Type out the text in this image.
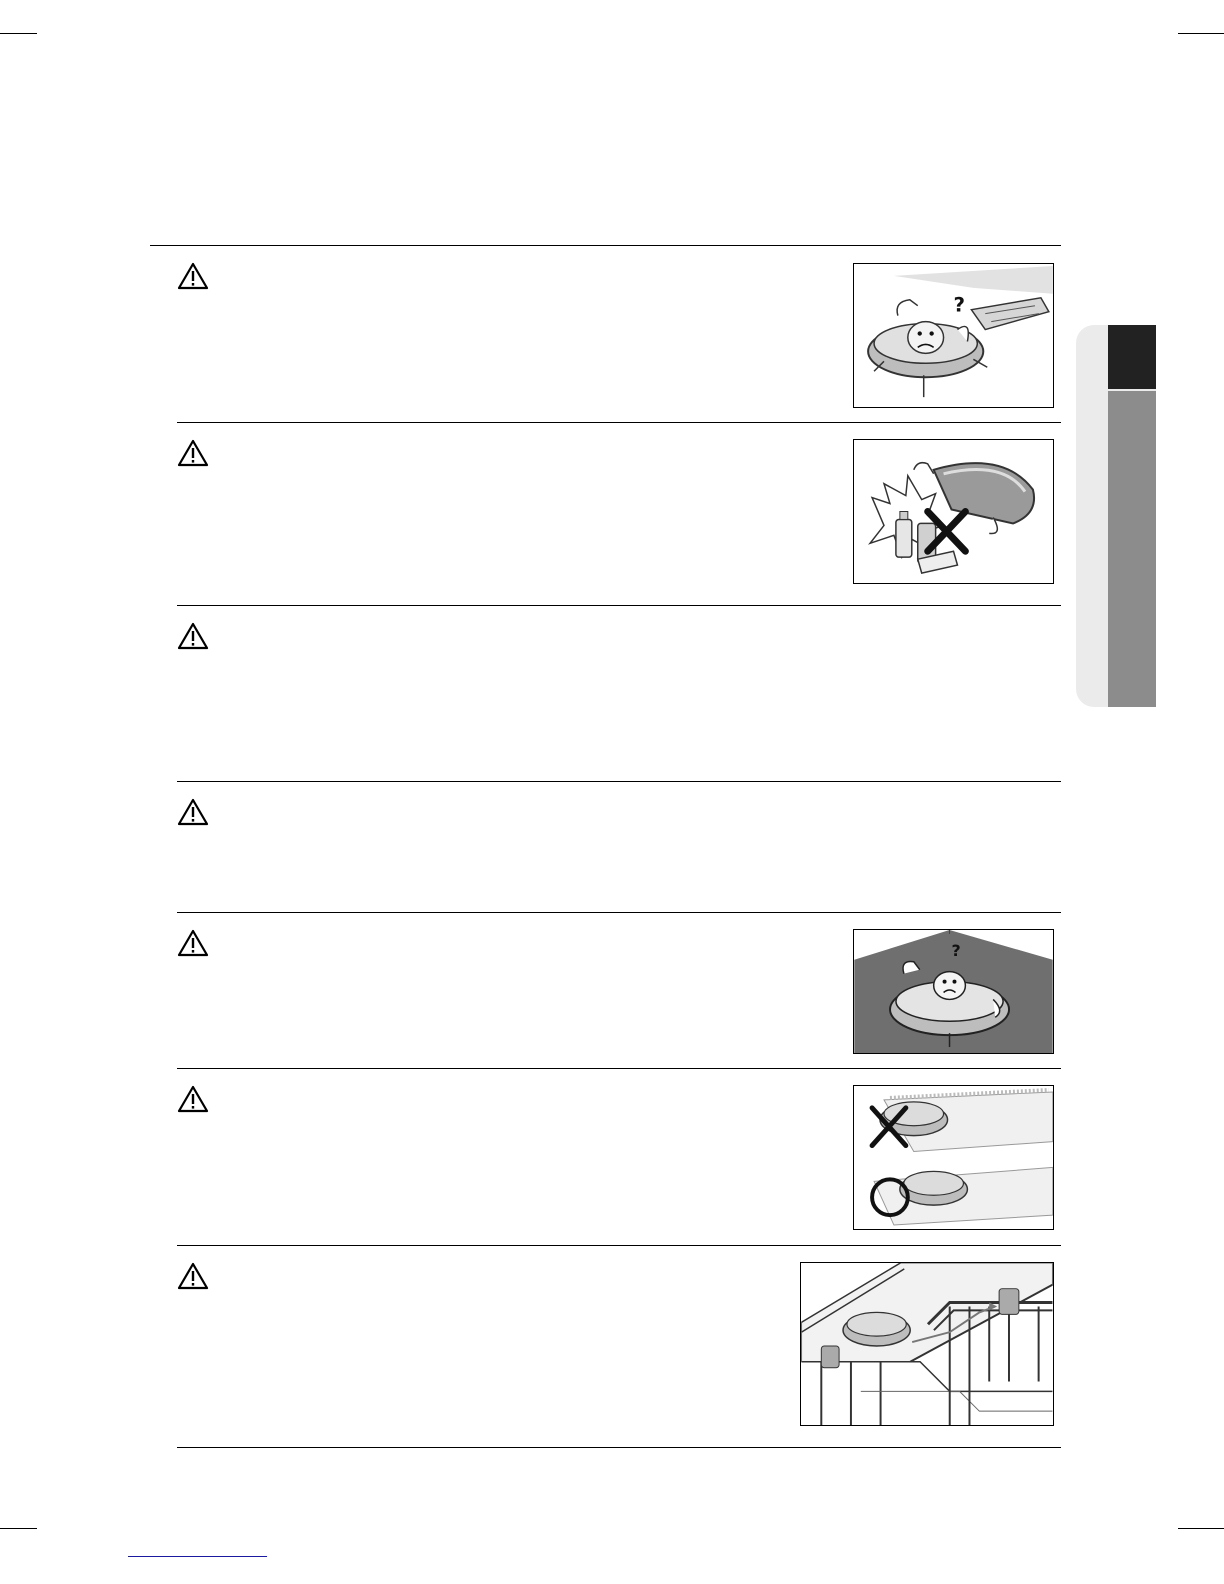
?
?
